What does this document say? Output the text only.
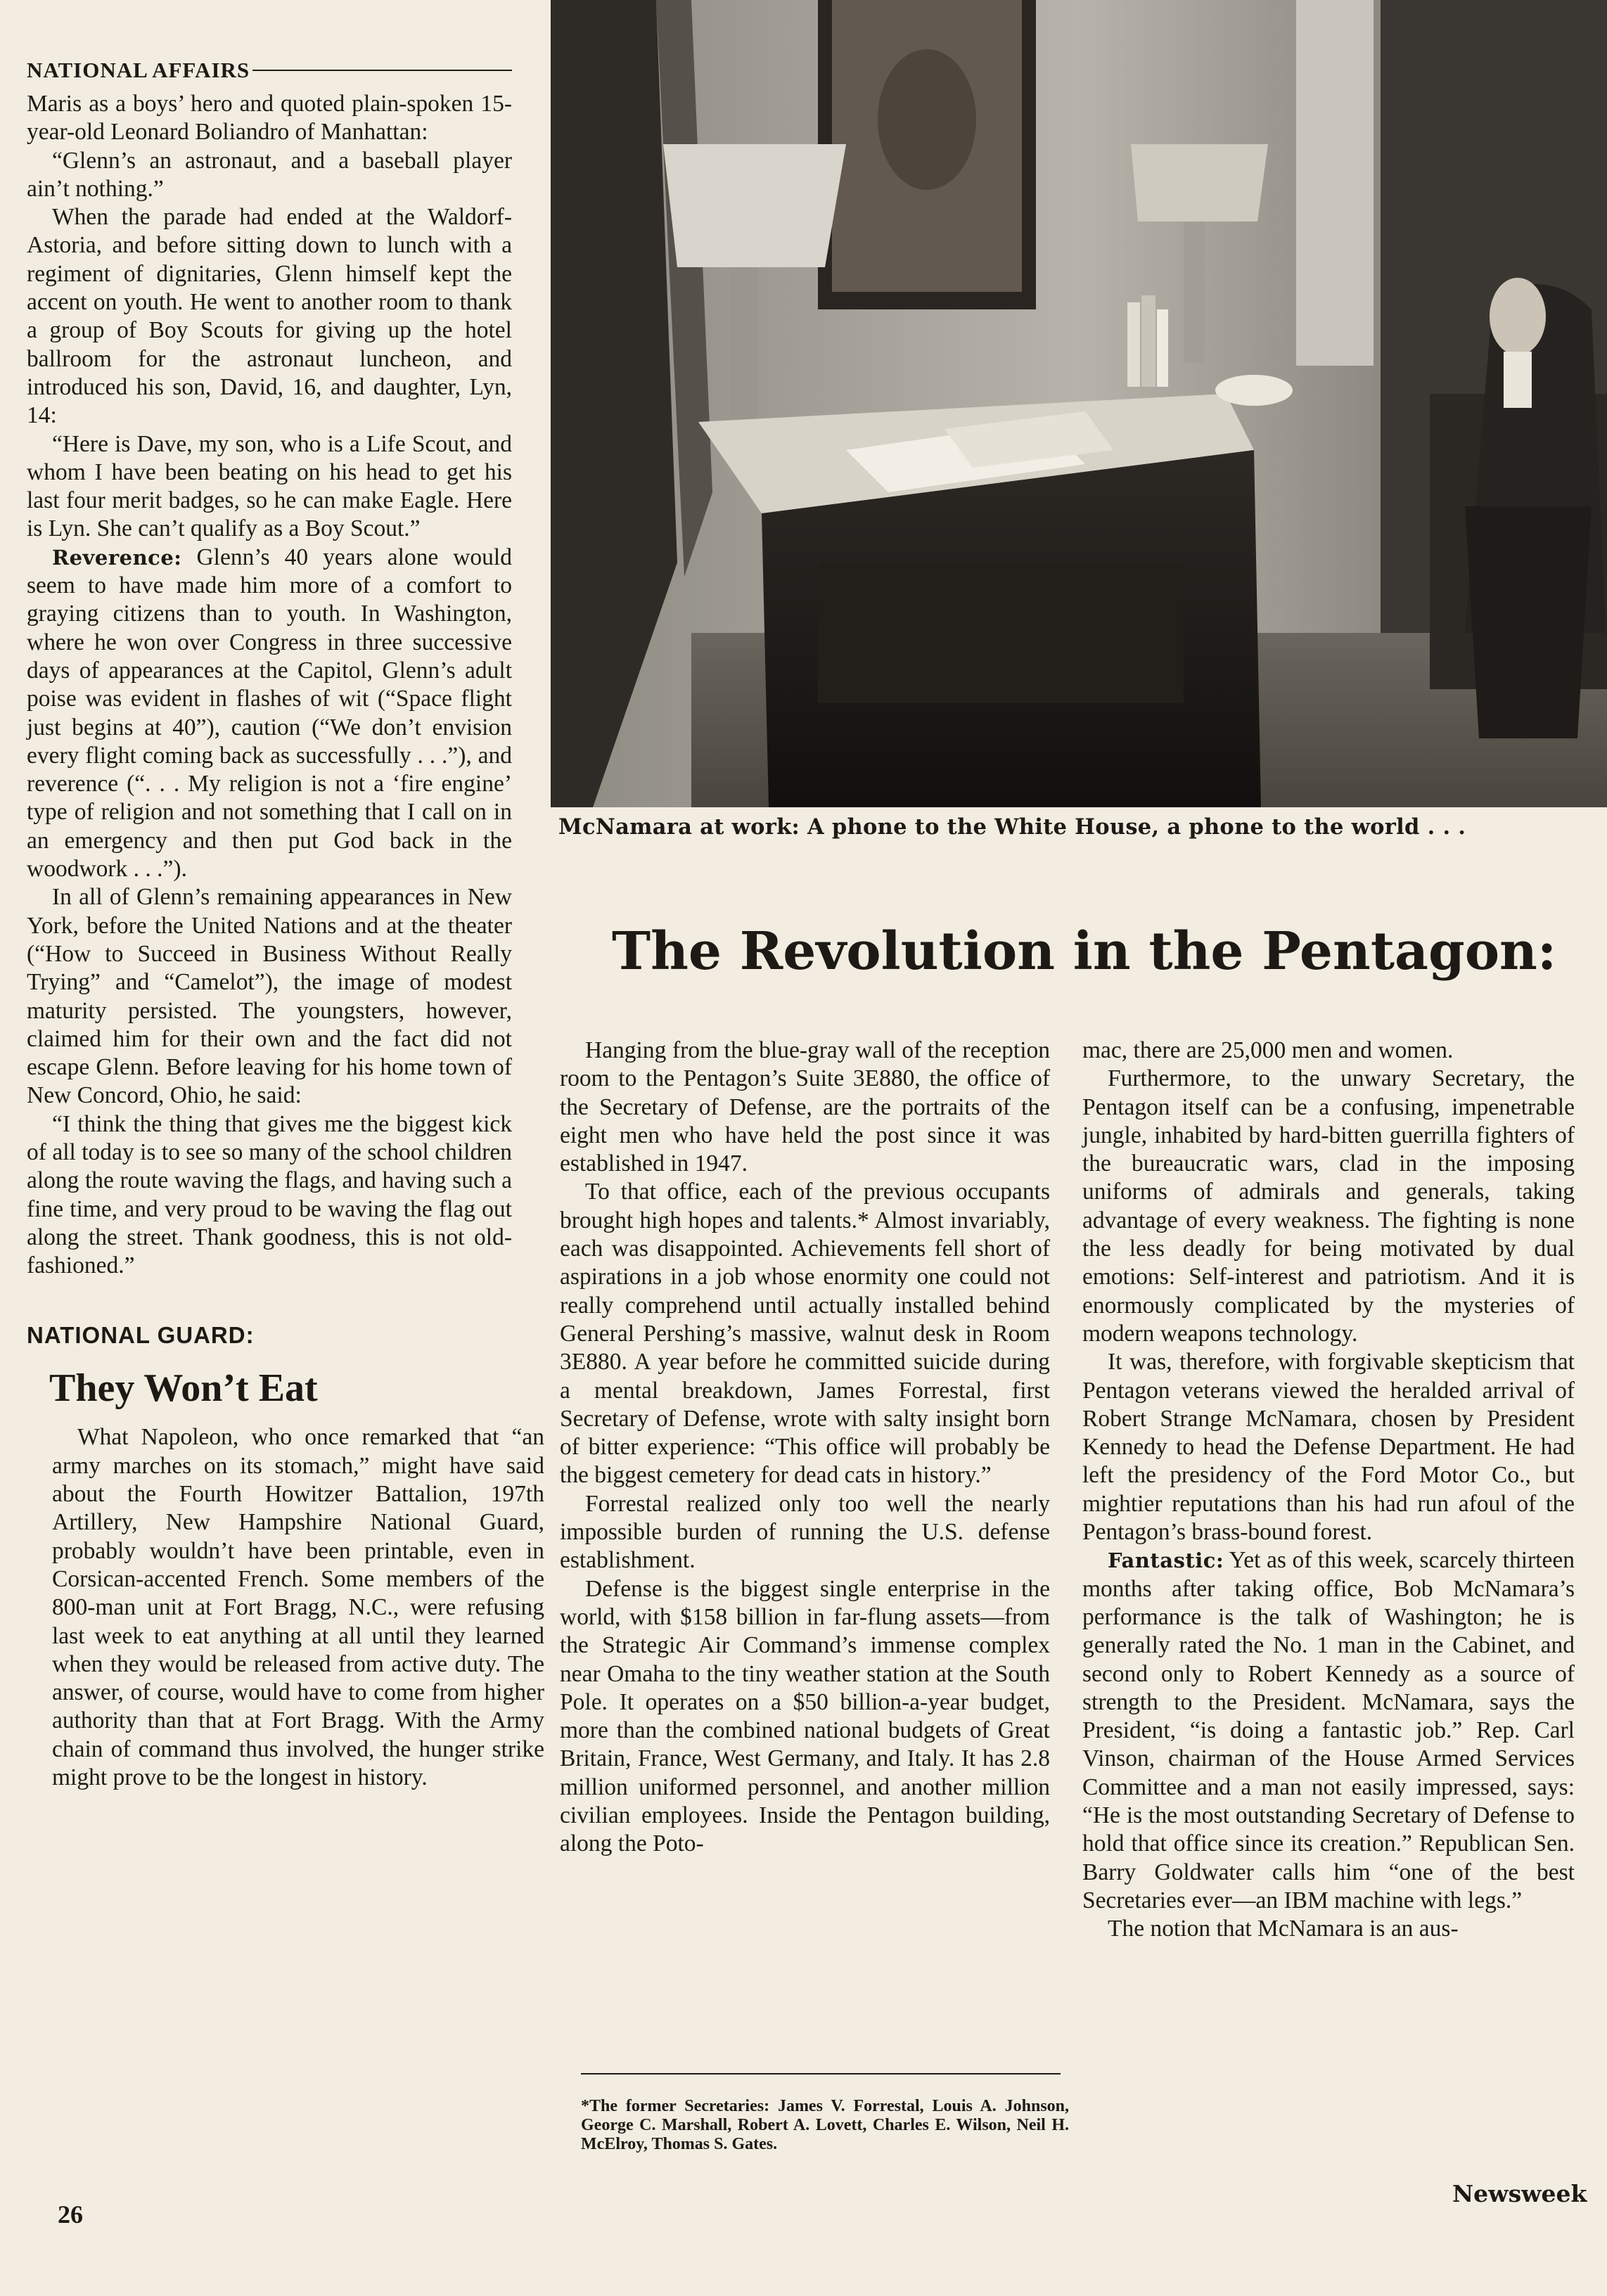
NATIONAL AFFAIRS

Maris as a boys’ hero and quoted plain-spoken 15-year-old Leonard Boliandro of Manhattan:

“Glenn’s an astronaut, and a baseball player ain’t nothing.”

When the parade had ended at the Waldorf-Astoria, and before sitting down to lunch with a regiment of dignitaries, Glenn himself kept the accent on youth. He went to another room to thank a group of Boy Scouts for giving up the hotel ballroom for the astronaut luncheon, and introduced his son, David, 16, and daughter, Lyn, 14:

“Here is Dave, my son, who is a Life Scout, and whom I have been beating on his head to get his last four merit badges, so he can make Eagle. Here is Lyn. She can’t qualify as a Boy Scout.”

Reverence: Glenn’s 40 years alone would seem to have made him more of a comfort to graying citizens than to youth. In Washington, where he won over Congress in three successive days of appearances at the Capitol, Glenn’s adult poise was evident in flashes of wit (“Space flight just begins at 40”), caution (“We don’t envision every flight coming back as successfully . . .”), and reverence (“. . . My religion is not a ‘fire engine’ type of religion and not something that I call on in an emergency and then put God back in the woodwork . . .”).

In all of Glenn’s remaining appearances in New York, before the United Nations and at the theater (“How to Succeed in Business Without Really Trying” and “Camelot”), the image of modest maturity persisted. The youngsters, however, claimed him for their own and the fact did not escape Glenn. Before leaving for his home town of New Concord, Ohio, he said:

“I think the thing that gives me the biggest kick of all today is to see so many of the school children along the route waving the flags, and having such a fine time, and very proud to be waving the flag out along the street. Thank goodness, this is not old-fashioned.”

NATIONAL GUARD:
They Won’t Eat

What Napoleon, who once remarked that “an army marches on its stomach,” might have said about the Fourth Howitzer Battalion, 197th Artillery, New Hampshire National Guard, probably wouldn’t have been printable, even in Corsican-accented French. Some members of the 800-man unit at Fort Bragg, N.C., were refusing last week to eat anything at all until they learned when they would be released from active duty. The answer, of course, would have to come from higher authority than that at Fort Bragg. With the Army chain of command thus involved, the hunger strike might prove to be the longest in history.

McNamara at work: A phone to the White House, a phone to the world . . .
The Revolution in the Pentagon:

Hanging from the blue-gray wall of the reception room to the Pentagon’s Suite 3E880, the office of the Secretary of Defense, are the portraits of the eight men who have held the post since it was established in 1947.

To that office, each of the previous occupants brought high hopes and talents.* Almost invariably, each was disappointed. Achievements fell short of aspirations in a job whose enormity one could not really comprehend until actually installed behind General Pershing’s massive, walnut desk in Room 3E880. A year before he committed suicide during a mental breakdown, James Forrestal, first Secretary of Defense, wrote with salty insight born of bitter experience: “This office will probably be the biggest cemetery for dead cats in history.”

Forrestal realized only too well the nearly impossible burden of running the U.S. defense establishment.

Defense is the biggest single enterprise in the world, with $158 billion in far-flung assets—from the Strategic Air Command’s immense complex near Omaha to the tiny weather station at the South Pole. It operates on a $50 billion-a-year budget, more than the combined national budgets of Great Britain, France, West Germany, and Italy. It has 2.8 million uniformed personnel, and another million civilian employees. Inside the Pentagon building, along the Poto-

*The former Secretaries: James V. Forrestal, Louis A. Johnson, George C. Marshall, Robert A. Lovett, Charles E. Wilson, Neil H. McElroy, Thomas S. Gates.

mac, there are 25,000 men and women.

Furthermore, to the unwary Secretary, the Pentagon itself can be a confusing, impenetrable jungle, inhabited by hard-bitten guerrilla fighters of the bureaucratic wars, clad in the imposing uniforms of admirals and generals, taking advantage of every weakness. The fighting is none the less deadly for being motivated by dual emotions: Self-interest and patriotism. And it is enormously complicated by the mysteries of modern weapons technology.

It was, therefore, with forgivable skepticism that Pentagon veterans viewed the heralded arrival of Robert Strange McNamara, chosen by President Kennedy to head the Defense Department. He had left the presidency of the Ford Motor Co., but mightier reputations than his had run afoul of the Pentagon’s brass-bound forest.

Fantastic: Yet as of this week, scarcely thirteen months after taking office, Bob McNamara’s performance is the talk of Washington; he is generally rated the No. 1 man in the Cabinet, and second only to Robert Kennedy as a source of strength to the President. McNamara, says the President, “is doing a fantastic job.” Rep. Carl Vinson, chairman of the House Armed Services Committee and a man not easily impressed, says: “He is the most outstanding Secretary of Defense to hold that office since its creation.” Republican Sen. Barry Goldwater calls him “one of the best Secretaries ever—an IBM machine with legs.”

The notion that McNamara is an aus-

26
Newsweek
